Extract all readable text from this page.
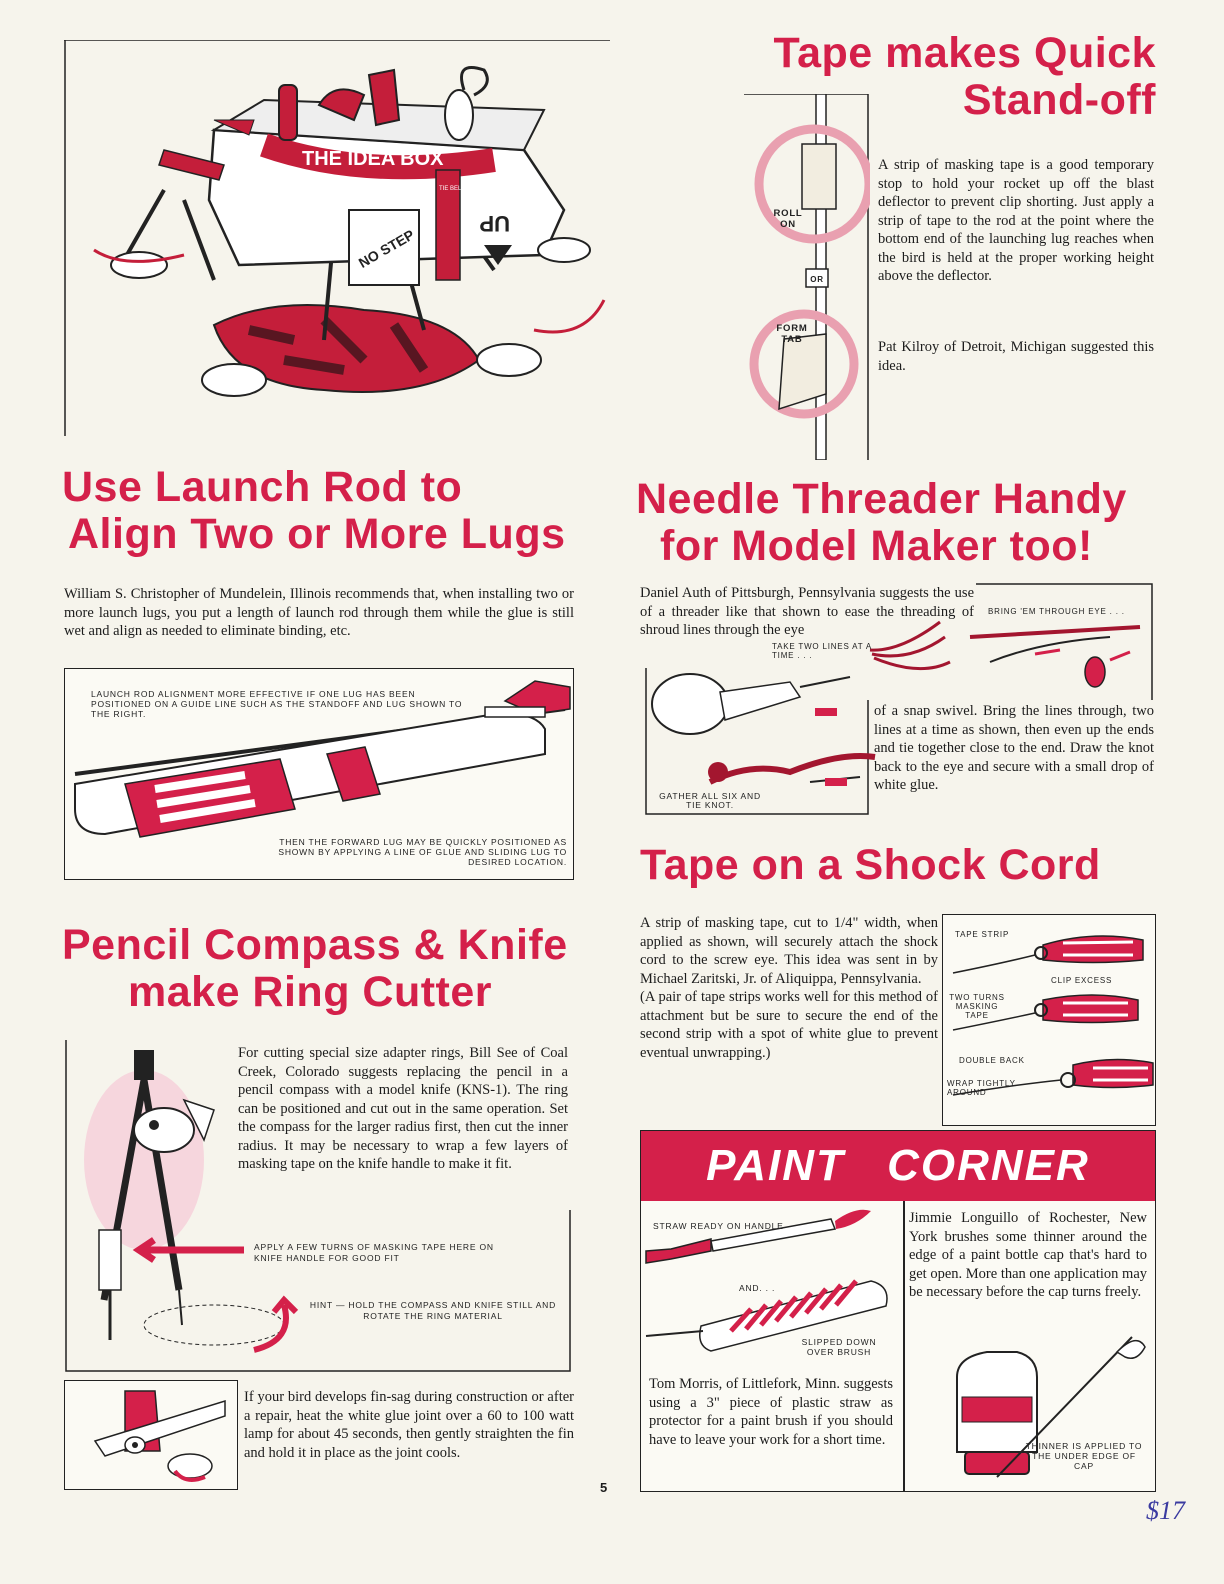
THE IDEA BOX
NO STEP
TIE BELT
UP
Tape makes Quick
Stand-off
ROLL ON
OR
FORM TAB
A strip of masking tape is a good temporary stop to hold your rocket up off the blast deflector to prevent clip shorting. Just apply a strip of tape to the rod at the point where the bottom end of the launching lug reaches when the bird is held at the proper working height above the deflector.
Pat Kilroy of Detroit, Michigan suggested this idea.
Use Launch Rod to
Align Two or More Lugs
William S. Christopher of Mundelein, Illinois recommends that, when installing two or more launch lugs, you put a length of launch rod through them while the glue is still wet and align as needed to eliminate binding, etc.
LAUNCH ROD ALIGNMENT MORE EFFECTIVE IF ONE LUG HAS BEEN POSITIONED ON A GUIDE LINE SUCH AS THE STANDOFF AND LUG SHOWN TO THE RIGHT.
THEN THE FORWARD LUG MAY BE QUICKLY POSITIONED AS SHOWN BY APPLYING A LINE OF GLUE AND SLIDING LUG TO DESIRED LOCATION.
Needle Threader Handy
for Model Maker too!
Daniel Auth of Pittsburgh, Pennsylvania suggests the use of a threader like that shown to ease the threading of shroud lines through the eye
BRING 'EM THROUGH EYE . . .
TAKE TWO LINES AT A TIME . . .
GATHER ALL SIX AND TIE KNOT.
of a snap swivel. Bring the lines through, two lines at a time as shown, then even up the ends and tie together close to the end. Draw the knot back to the eye and secure with a small drop of white glue.
Tape on a Shock Cord
A strip of masking tape, cut to 1/4" width, when applied as shown, will securely attach the shock cord to the screw eye. This idea was sent in by Michael Zaritski, Jr. of Aliquippa, Pennsylvania.
(A pair of tape strips works well for this method of attachment but be sure to secure the end of the second strip with a spot of white glue to prevent eventual unwrapping.)
TAPE STRIP
CLIP EXCESS
TWO TURNS MASKING TAPE
DOUBLE BACK
WRAP TIGHTLY AROUND
Pencil Compass & Knife
make Ring Cutter
For cutting special size adapter rings, Bill See of Coal Creek, Colorado suggests replacing the pencil in a pencil compass with a model knife (KNS-1). The ring can be positioned and cut out in the same operation. Set the compass for the larger radius first, then cut the inner radius. It may be necessary to wrap a few layers of masking tape on the knife handle to make it fit.
APPLY A FEW TURNS OF MASKING TAPE HERE ON KNIFE HANDLE FOR GOOD FIT
HINT — HOLD THE COMPASS AND KNIFE STILL AND ROTATE THE RING MATERIAL
If your bird develops fin-sag during construction or after a repair, heat the white glue joint over a 60 to 100 watt lamp for about 45 seconds, then gently straighten the fin and hold it in place as the joint cools.
PAINT CORNER
STRAW READY ON HANDLE
AND. . .
SLIPPED DOWN OVER BRUSH
Tom Morris, of Littlefork, Minn. suggests using a 3" piece of plastic straw as protector for a paint brush if you should have to leave your work for a short time.
Jimmie Longuillo of Rochester, New York brushes some thinner around the edge of a paint bottle cap that's hard to get open. More than one application may be necessary before the cap turns freely.
THINNER IS APPLIED TO THE UNDER EDGE OF CAP
5
$17
